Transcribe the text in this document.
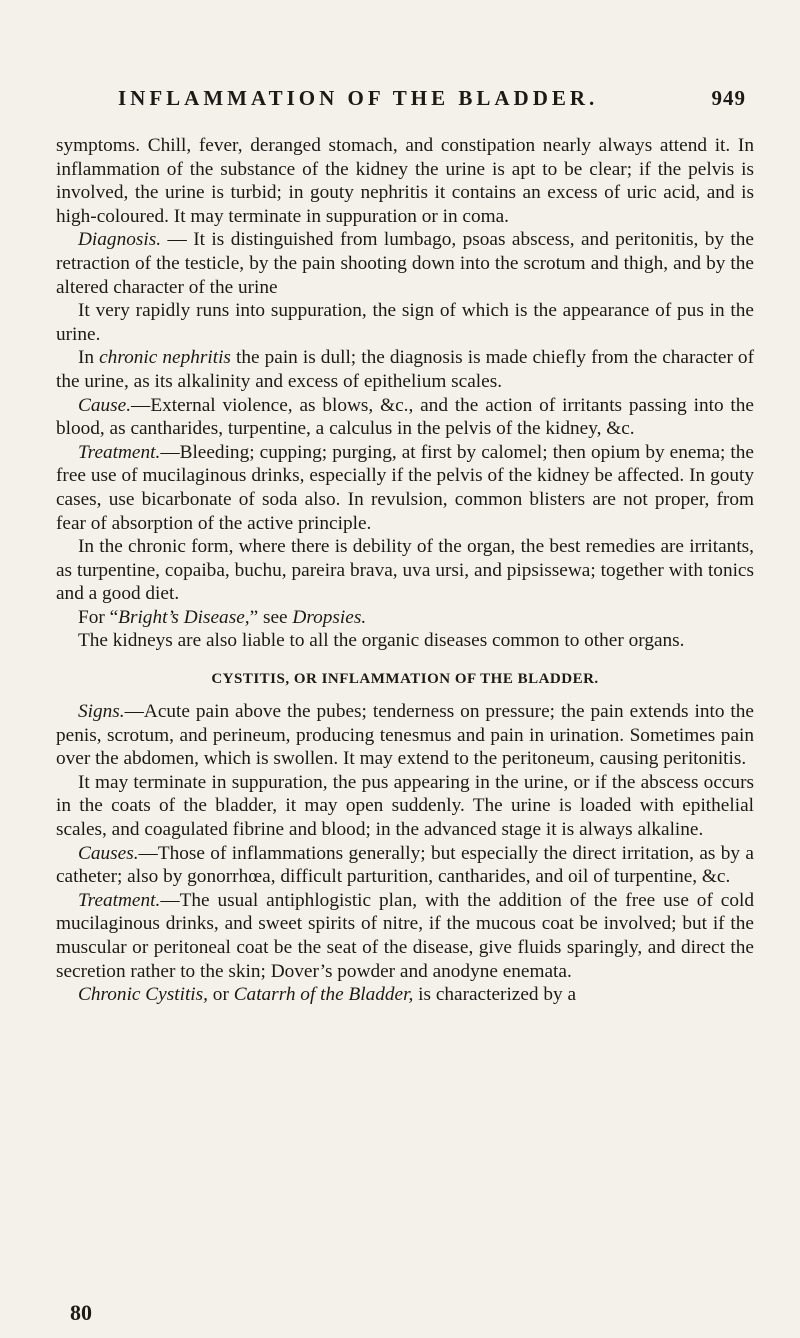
INFLAMMATION OF THE BLADDER.	949

symptoms. Chill, fever, deranged stomach, and constipation nearly always attend it. In inflammation of the substance of the kidney the urine is apt to be clear; if the pelvis is involved, the urine is turbid; in gouty nephritis it contains an excess of uric acid, and is high-coloured. It may terminate in suppuration or in coma.

Diagnosis. — It is distinguished from lumbago, psoas abscess, and peritonitis, by the retraction of the testicle, by the pain shooting down into the scrotum and thigh, and by the altered character of the urine

It very rapidly runs into suppuration, the sign of which is the appearance of pus in the urine.

In chronic nephritis the pain is dull; the diagnosis is made chiefly from the character of the urine, as its alkalinity and excess of epithelium scales.

Cause.—External violence, as blows, &c., and the action of irritants passing into the blood, as cantharides, turpentine, a calculus in the pelvis of the kidney, &c.

Treatment.—Bleeding; cupping; purging, at first by calomel; then opium by enema; the free use of mucilaginous drinks, especially if the pelvis of the kidney be affected. In gouty cases, use bicarbonate of soda also. In revulsion, common blisters are not proper, from fear of absorption of the active principle.

In the chronic form, where there is debility of the organ, the best remedies are irritants, as turpentine, copaiba, buchu, pareira brava, uva ursi, and pipsissewa; together with tonics and a good diet.

For “Bright’s Disease,” see Dropsies.

The kidneys are also liable to all the organic diseases common to other organs.

CYSTITIS, OR INFLAMMATION OF THE BLADDER.

Signs.—Acute pain above the pubes; tenderness on pressure; the pain extends into the penis, scrotum, and perineum, producing tenesmus and pain in urination. Sometimes pain over the abdomen, which is swollen. It may extend to the peritoneum, causing peritonitis.

It may terminate in suppuration, the pus appearing in the urine, or if the abscess occurs in the coats of the bladder, it may open suddenly. The urine is loaded with epithelial scales, and coagulated fibrine and blood; in the advanced stage it is always alkaline.

Causes.—Those of inflammations generally; but especially the direct irritation, as by a catheter; also by gonorrhœa, difficult parturition, cantharides, and oil of turpentine, &c.

Treatment.—The usual antiphlogistic plan, with the addition of the free use of cold mucilaginous drinks, and sweet spirits of nitre, if the mucous coat be involved; but if the muscular or peritoneal coat be the seat of the disease, give fluids sparingly, and direct the secretion rather to the skin; Dover’s powder and anodyne enemata.

Chronic Cystitis, or Catarrh of the Bladder, is characterized by a

80
